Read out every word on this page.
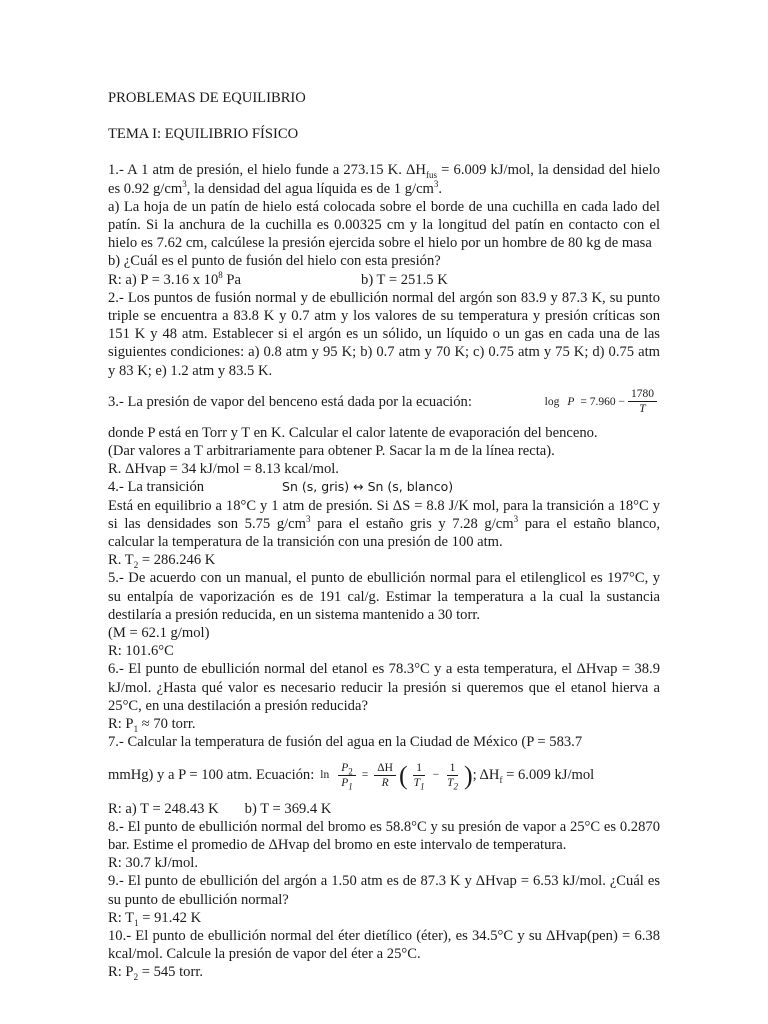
PROBLEMAS DE EQUILIBRIO

TEMA I: EQUILIBRIO FÍSICO

1.- A 1 atm de presión, el hielo funde a 273.15 K. $\Delta H_{fus} = 6.009$ kJ/mol, la densidad del hielo es 0.92 $g/cm^3$, la densidad del agua líquida es de 1 $g/cm^3$.

a) La hoja de un patín de hielo está colocada sobre el borde de una cuchilla en cada lado del patín. Si la anchura de la cuchilla es 0.00325 cm y la longitud del patín en contacto con el hielo es 7.62 cm, calcúlese la presión ejercida sobre el hielo por un hombre de 80 kg de masa

b) ¿Cuál es el punto de fusión del hielo con esta presión?

R: a) P = 3.16 x $10^8$ Pa	b) T = 251.5 K

2.- Los puntos de fusión normal y de ebullición normal del argón son 83.9 y 87.3 K, su punto triple se encuentra a 83.8 K y 0.7 atm y los valores de su temperatura y presión críticas son 151 K y 48 atm. Establecer si el argón es un sólido, un líquido o un gas en cada una de las siguientes condiciones: a) 0.8 atm y 95 K; b) 0.7 atm y 70 K; c) 0.75 atm y 75 K; d) 0.75 atm y 83 K; e) 1.2 atm y 83.5 K.

3.- La presión de vapor del benceno está dada por la ecuación:	$\log P = 7.960 - \frac{1780}{T}$

donde P está en Torr y T en K. Calcular el calor latente de evaporación del benceno.

(Dar valores a T arbitrariamente para obtener P. Sacar la m de la línea recta).

R. ΔHvap = 34 kJ/mol = 8.13 kcal/mol.

4.- La transición	Sn (s, gris) ↔ Sn (s, blanco)

Está en equilibrio a 18°C y 1 atm de presión. Si ΔS = 8.8 J/K mol, para la transición a 18°C y si las densidades son 5.75 $g/cm^3$ para el estaño gris y 7.28 $g/cm^3$ para el estaño blanco, calcular la temperatura de la transición con una presión de 100 atm.

R. $T_2 = 286.246$ K

5.- De acuerdo con un manual, el punto de ebullición normal para el etilenglicol es 197°C, y su entalpía de vaporización es de 191 cal/g. Estimar la temperatura a la cual la sustancia destilaría a presión reducida, en un sistema mantenido a 30 torr.

(M = 62.1 g/mol)

R: 101.6°C

6.- El punto de ebullición normal del etanol es 78.3°C y a esta temperatura, el ΔHvap = 38.9 kJ/mol. ¿Hasta qué valor es necesario reducir la presión si queremos que el etanol hierva a 25°C, en una destilación a presión reducida?

R: $P_1 \approx 70$ torr.

7.- Calcular la temperatura de fusión del agua en la Ciudad de México (P = 583.7

mmHg) y a P = 100 atm. Ecuación: $\ln \frac{P_2}{P_1} = \frac{\Delta H}{R}$ ( $\frac{1}{T_1} - \frac{1}{T_2}$ ) ; $\Delta H_f = 6.009$ kJ/mol

R: a) T = 248.43 K b) T = 369.4 K

8.- El punto de ebullición normal del bromo es 58.8°C y su presión de vapor a 25°C es 0.2870 bar. Estime el promedio de ΔHvap del bromo en este intervalo de temperatura.

R: 30.7 kJ/mol.

9.- El punto de ebullición del argón a 1.50 atm es de 87.3 K y ΔHvap = 6.53 kJ/mol. ¿Cuál es su punto de ebullición normal?

R: $T_1 = 91.42$ K

10.- El punto de ebullición normal del éter dietílico (éter), es 34.5°C y su ΔHvap(pen) = 6.38 kcal/mol. Calcule la presión de vapor del éter a 25°C.

R: $P_2 = 545$ torr.
